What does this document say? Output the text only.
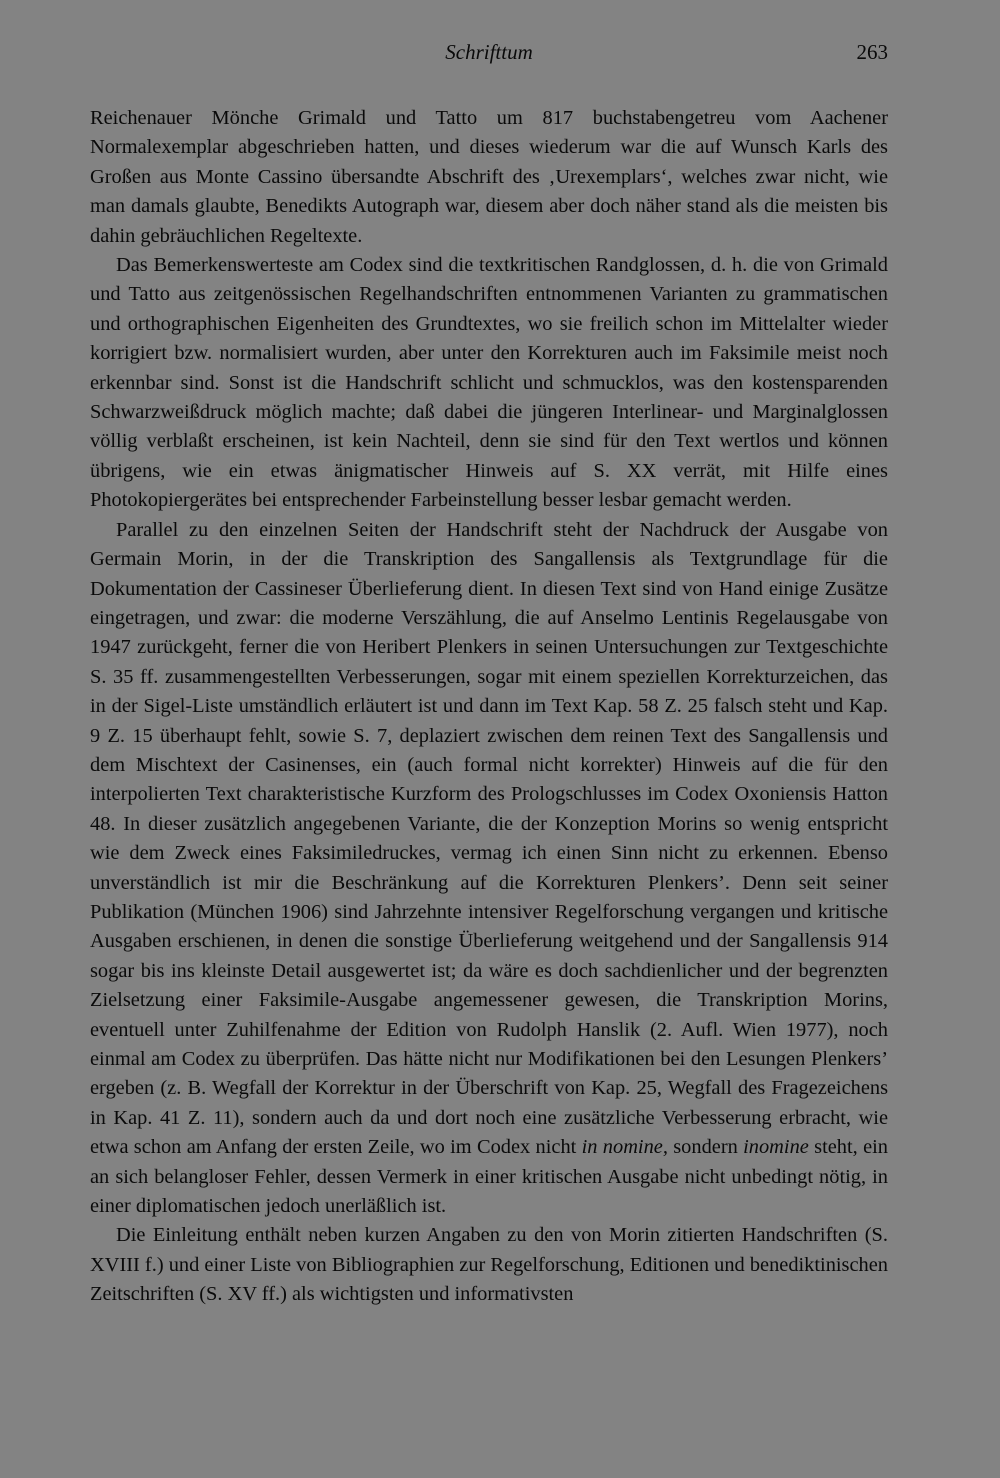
Schrifttum	263

Reichenauer Mönche Grimald und Tatto um 817 buchstabengetreu vom Aachener Normalexemplar abgeschrieben hatten, und dieses wiederum war die auf Wunsch Karls des Großen aus Monte Cassino übersandte Abschrift des ‚Urexemplars‘, welches zwar nicht, wie man damals glaubte, Benedikts Autograph war, diesem aber doch näher stand als die meisten bis dahin gebräuchlichen Regeltexte.

Das Bemerkenswerteste am Codex sind die textkritischen Randglossen, d. h. die von Grimald und Tatto aus zeitgenössischen Regelhandschriften entnommenen Varianten zu grammatischen und orthographischen Eigenheiten des Grundtextes, wo sie freilich schon im Mittelalter wieder korrigiert bzw. normalisiert wurden, aber unter den Korrekturen auch im Faksimile meist noch erkennbar sind. Sonst ist die Handschrift schlicht und schmucklos, was den kostensparenden Schwarzweißdruck möglich machte; daß dabei die jüngeren Interlinear- und Marginalglossen völlig verblaßt erscheinen, ist kein Nachteil, denn sie sind für den Text wertlos und können übrigens, wie ein etwas änigmatischer Hinweis auf S. XX verrät, mit Hilfe eines Photokopiergerätes bei entsprechender Farbeinstellung besser lesbar gemacht werden.

Parallel zu den einzelnen Seiten der Handschrift steht der Nachdruck der Ausgabe von Germain Morin, in der die Transkription des Sangallensis als Textgrundlage für die Dokumentation der Cassineser Überlieferung dient. In diesen Text sind von Hand einige Zusätze eingetragen, und zwar: die moderne Verszählung, die auf Anselmo Lentinis Regelausgabe von 1947 zurückgeht, ferner die von Heribert Plenkers in seinen Untersuchungen zur Textgeschichte S. 35 ff. zusammengestellten Verbesserungen, sogar mit einem speziellen Korrekturzeichen, das in der Sigel-Liste umständlich erläutert ist und dann im Text Kap. 58 Z. 25 falsch steht und Kap. 9 Z. 15 überhaupt fehlt, sowie S. 7, deplaziert zwischen dem reinen Text des Sangallensis und dem Mischtext der Casinenses, ein (auch formal nicht korrekter) Hinweis auf die für den interpolierten Text charakteristische Kurzform des Prologschlusses im Codex Oxoniensis Hatton 48. In dieser zusätzlich angegebenen Variante, die der Konzeption Morins so wenig entspricht wie dem Zweck eines Faksimiledruckes, vermag ich einen Sinn nicht zu erkennen. Ebenso unverständlich ist mir die Beschränkung auf die Korrekturen Plenkers’. Denn seit seiner Publikation (München 1906) sind Jahrzehnte intensiver Regelforschung vergangen und kritische Ausgaben erschienen, in denen die sonstige Überlieferung weitgehend und der Sangallensis 914 sogar bis ins kleinste Detail ausgewertet ist; da wäre es doch sachdienlicher und der begrenzten Zielsetzung einer Faksimile-Ausgabe angemessener gewesen, die Transkription Morins, eventuell unter Zuhilfenahme der Edition von Rudolph Hanslik (2. Aufl. Wien 1977), noch einmal am Codex zu überprüfen. Das hätte nicht nur Modifikationen bei den Lesungen Plenkers’ ergeben (z. B. Wegfall der Korrektur in der Überschrift von Kap. 25, Wegfall des Fragezeichens in Kap. 41 Z. 11), sondern auch da und dort noch eine zusätzliche Verbesserung erbracht, wie etwa schon am Anfang der ersten Zeile, wo im Codex nicht in nomine, sondern inomine steht, ein an sich belangloser Fehler, dessen Vermerk in einer kritischen Ausgabe nicht unbedingt nötig, in einer diplomatischen jedoch unerläßlich ist.

Die Einleitung enthält neben kurzen Angaben zu den von Morin zitierten Handschriften (S. XVIII f.) und einer Liste von Bibliographien zur Regelforschung, Editionen und benediktinischen Zeitschriften (S. XV ff.) als wichtigsten und informativsten
